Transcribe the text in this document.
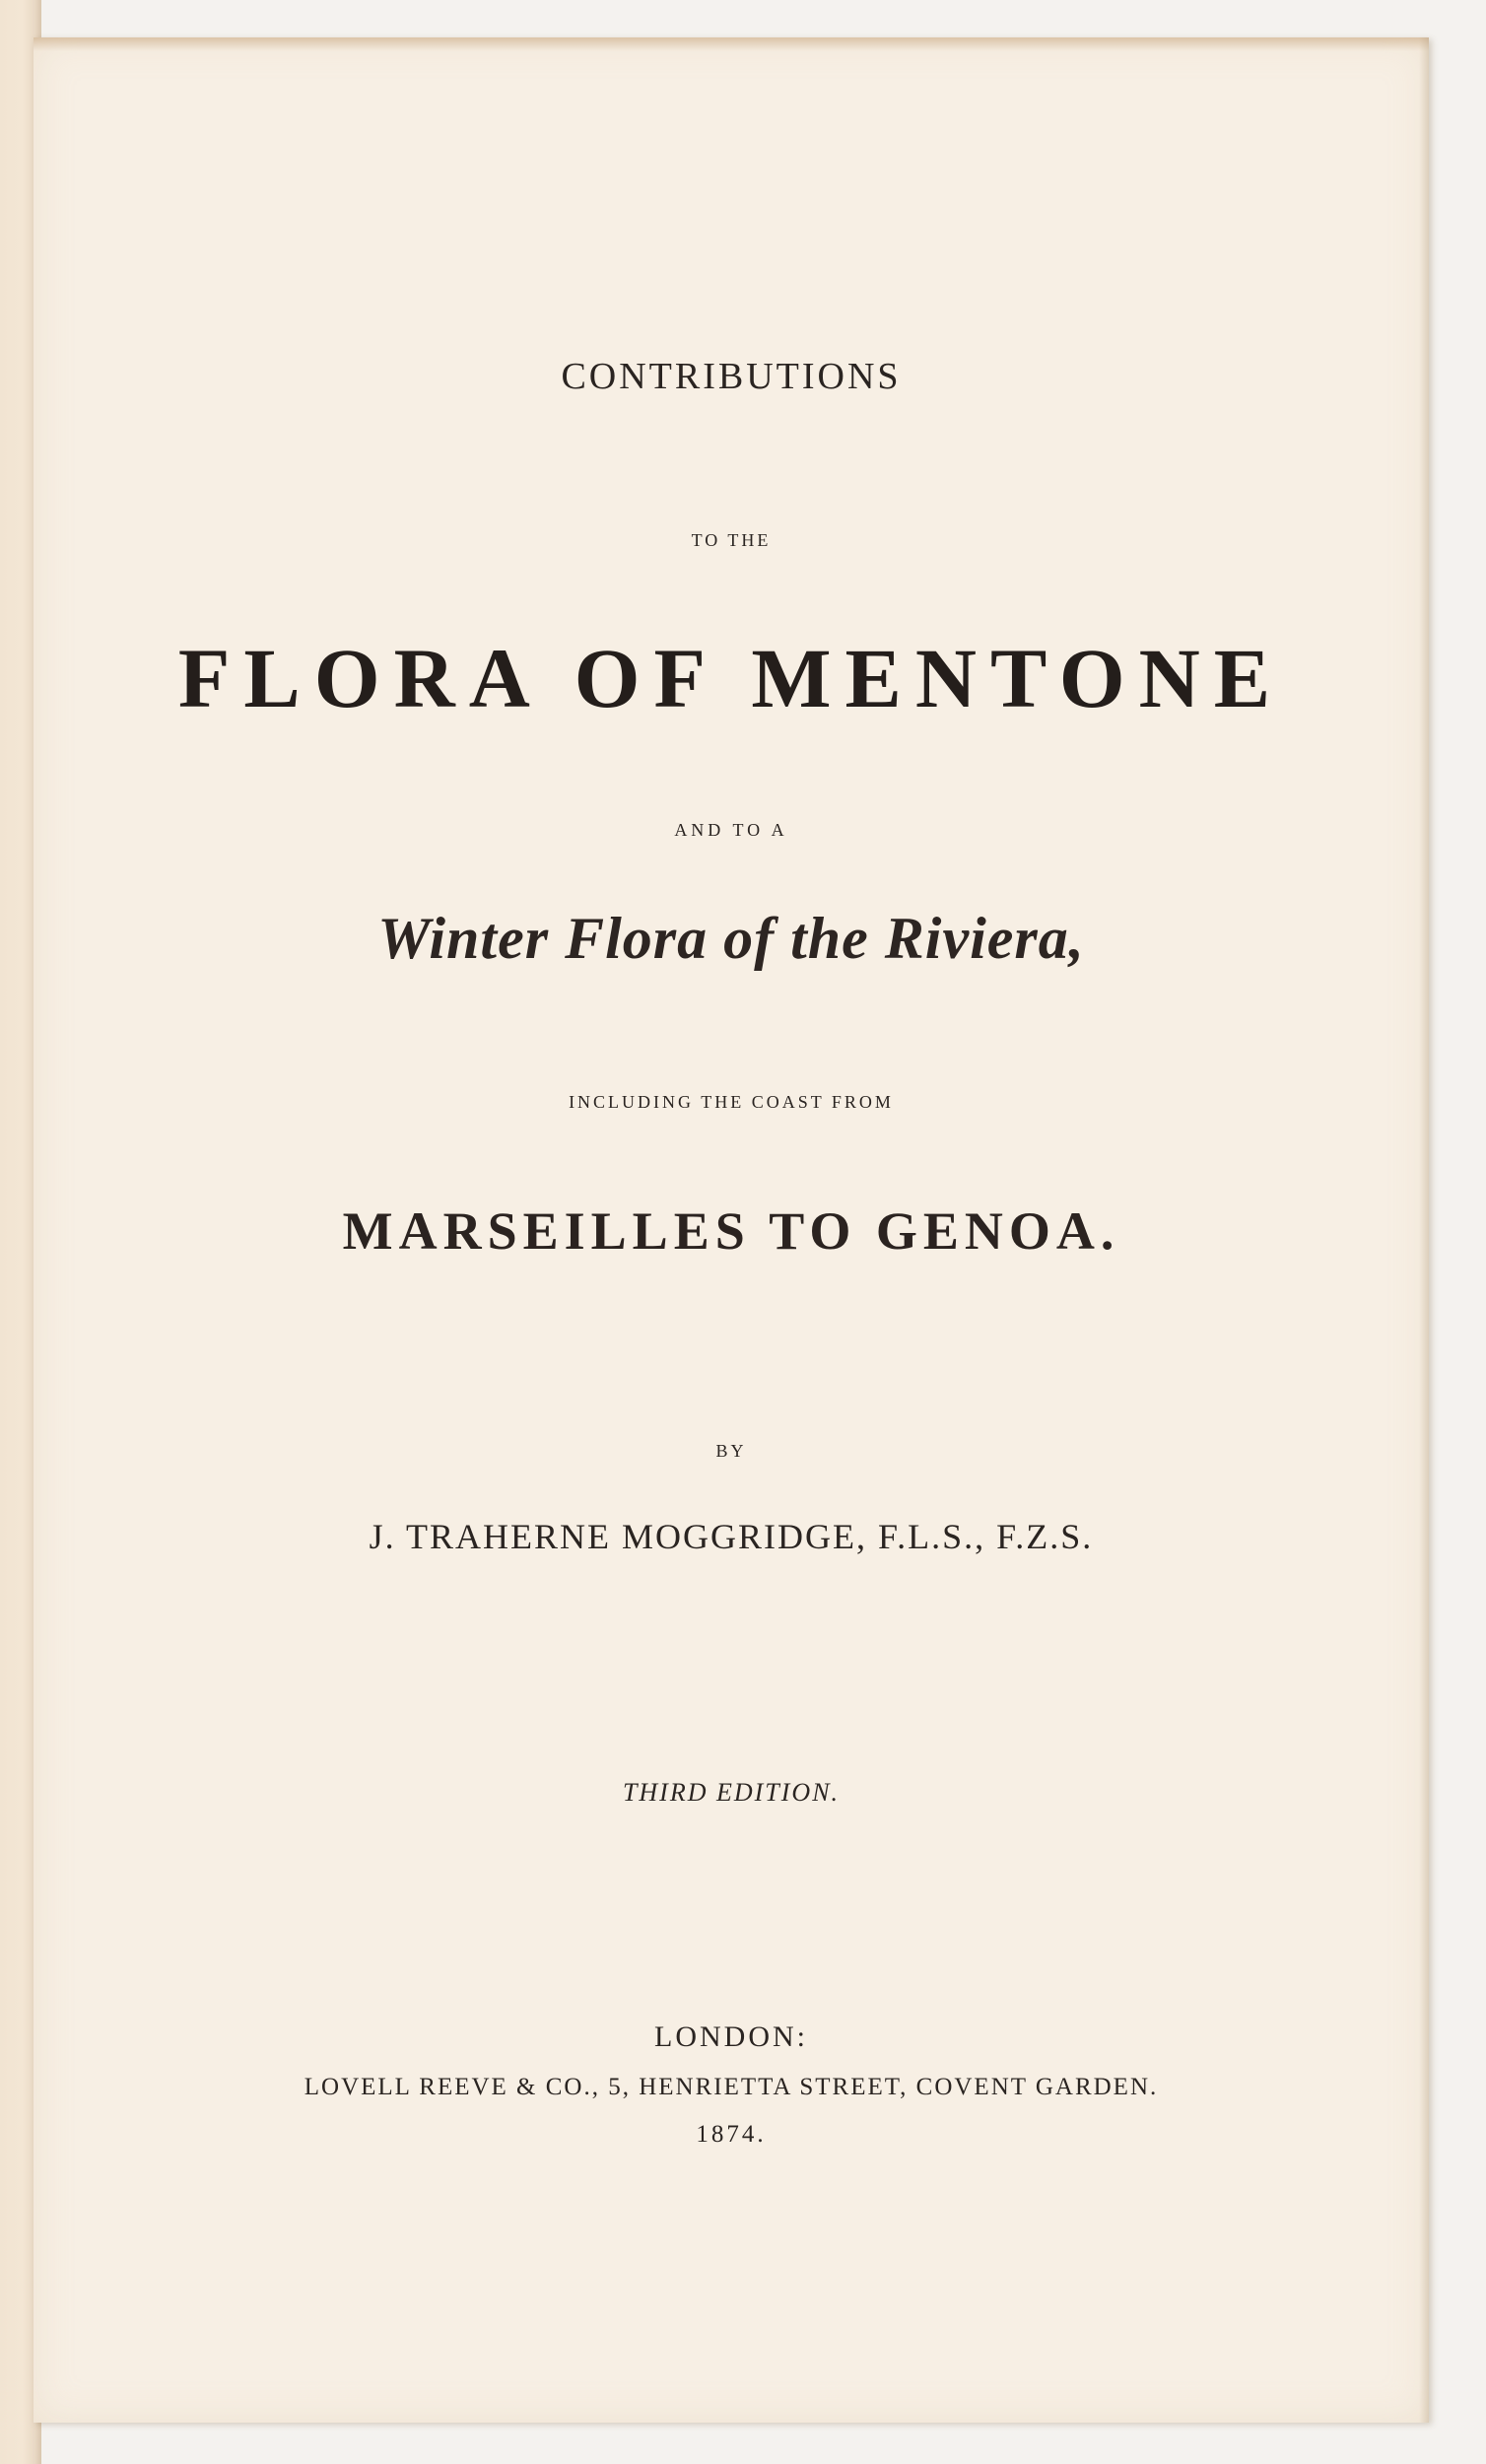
CONTRIBUTIONS
TO THE
FLORA OF MENTONE
AND TO A
Winter Flora of the Riviera,
INCLUDING THE COAST FROM
MARSEILLES TO GENOA.
BY
J. TRAHERNE MOGGRIDGE, F.L.S., F.Z.S.
THIRD EDITION.
LONDON:
LOVELL REEVE & CO., 5, HENRIETTA STREET, COVENT GARDEN.
1874.
